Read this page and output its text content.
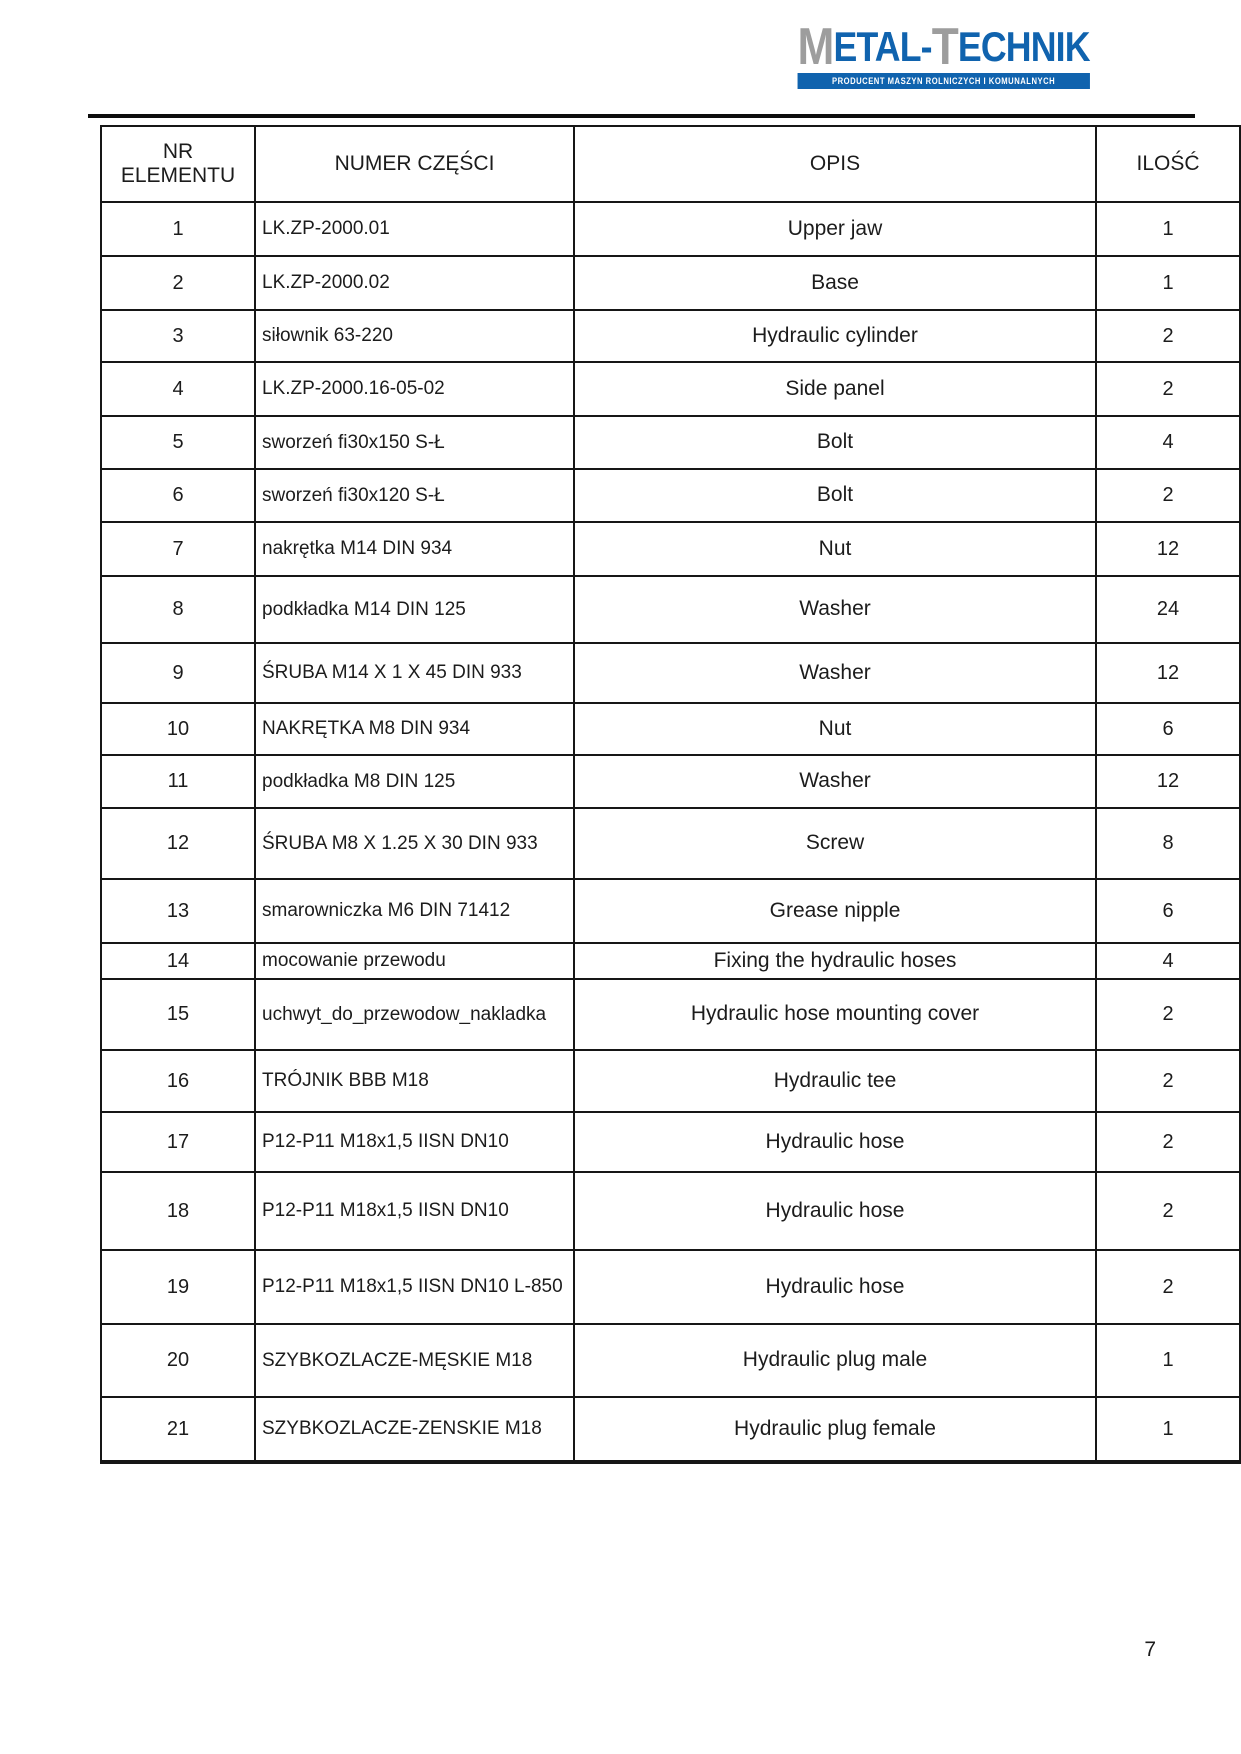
METAL-TECHNIK
PRODUCENT MASZYN ROLNICZYCH I KOMUNALNYCH
NR ELEMENTU	NUMER CZĘŚCI	OPIS	ILOŚĆ
1	LK.ZP-2000.01	Upper jaw	1
2	LK.ZP-2000.02	Base	1
3	siłownik 63-220	Hydraulic cylinder	2
4	LK.ZP-2000.16-05-02	Side panel	2
5	sworzeń fi30x150 S-Ł	Bolt	4
6	sworzeń fi30x120 S-Ł	Bolt	2
7	nakrętka M14 DIN 934	Nut	12
8	podkładka M14 DIN 125	Washer	24
9	ŚRUBA M14 X 1 X 45 DIN 933	Washer	12
10	NAKRĘTKA M8 DIN 934	Nut	6
11	podkładka M8 DIN 125	Washer	12
12	ŚRUBA M8 X 1.25 X 30 DIN 933	Screw	8
13	smarowniczka M6 DIN 71412	Grease nipple	6
14	mocowanie przewodu	Fixing the hydraulic hoses	4
15	uchwyt_do_przewodow_nakladka	Hydraulic hose mounting cover	2
16	TRÓJNIK BBB M18	Hydraulic tee	2
17	P12-P11 M18x1,5 IISN DN10	Hydraulic hose	2
18	P12-P11 M18x1,5 IISN DN10	Hydraulic hose	2
19	P12-P11 M18x1,5 IISN DN10 L-850	Hydraulic hose	2
20	SZYBKOZLACZE-MĘSKIE M18	Hydraulic plug male	1
21	SZYBKOZLACZE-ZENSKIE M18	Hydraulic plug female	1
7
